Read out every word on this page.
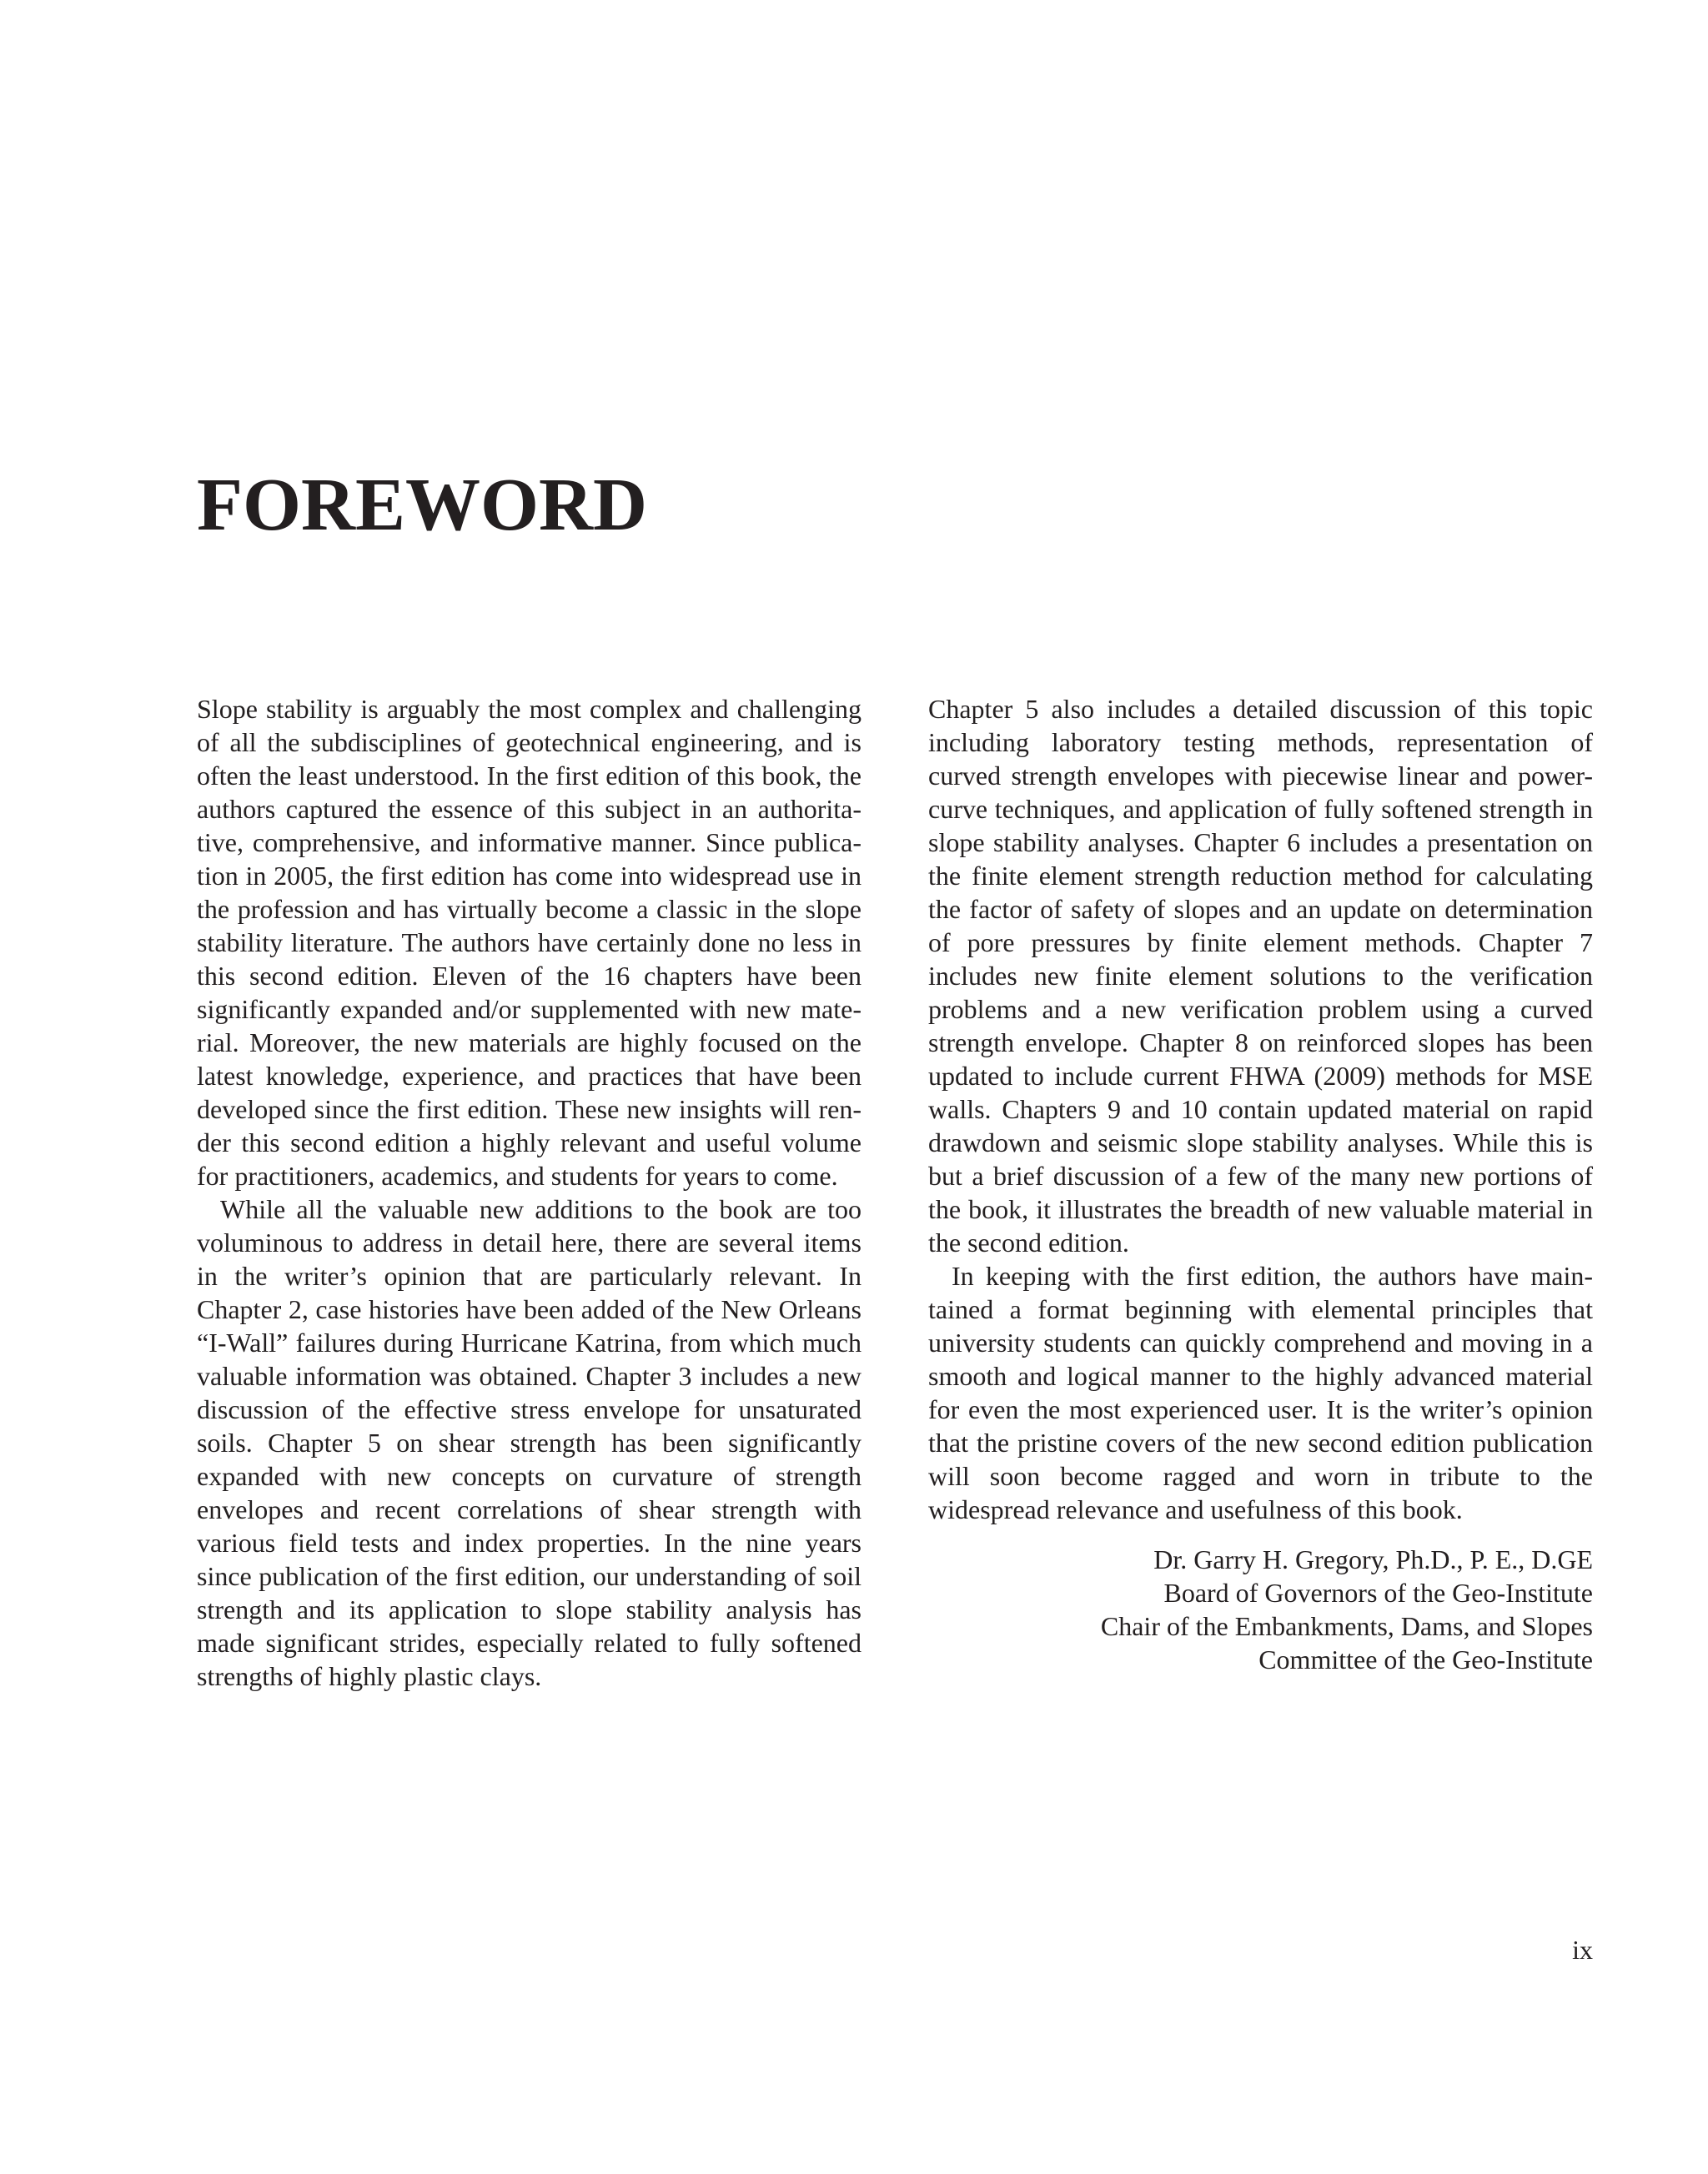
FOREWORD

Slope stability is arguably the most complex and challenging of all the subdisciplines of geotechnical engineering, and is often the least understood. In the first edition of this book, the authors captured the essence of this subject in an authoritative, comprehensive, and informative manner. Since publication in 2005, the first edition has come into widespread use in the profession and has virtually become a classic in the slope stability literature. The authors have certainly done no less in this second edition. Eleven of the 16 chapters have been significantly expanded and/or supplemented with new material. Moreover, the new materials are highly focused on the latest knowledge, experience, and practices that have been developed since the first edition. These new insights will render this second edition a highly relevant and useful volume for practitioners, academics, and students for years to come.

While all the valuable new additions to the book are too voluminous to address in detail here, there are several items in the writer’s opinion that are particularly relevant. In Chapter 2, case histories have been added of the New Orleans “I-Wall” failures during Hurricane Katrina, from which much valuable information was obtained. Chapter 3 includes a new discussion of the effective stress envelope for unsaturated soils. Chapter 5 on shear strength has been significantly expanded with new concepts on curvature of strength envelopes and recent correlations of shear strength with various field tests and index properties. In the nine years since publication of the first edition, our understanding of soil strength and its application to slope stability analysis has made significant strides, especially related to fully softened strengths of highly plastic clays.

Chapter 5 also includes a detailed discussion of this topic including laboratory testing methods, representation of curved strength envelopes with piecewise linear and power-curve techniques, and application of fully softened strength in slope stability analyses. Chapter 6 includes a presentation on the finite element strength reduction method for calculating the factor of safety of slopes and an update on determination of pore pressures by finite element methods. Chapter 7 includes new finite element solutions to the verification problems and a new verification problem using a curved strength envelope. Chapter 8 on reinforced slopes has been updated to include current FHWA (2009) methods for MSE walls. Chapters 9 and 10 contain updated material on rapid drawdown and seismic slope stability analyses. While this is but a brief discussion of a few of the many new portions of the book, it illustrates the breadth of new valuable material in the second edition.

In keeping with the first edition, the authors have maintained a format beginning with elemental principles that university students can quickly comprehend and moving in a smooth and logical manner to the highly advanced material for even the most experienced user. It is the writer’s opinion that the pristine covers of the new second edition publication will soon become ragged and worn in tribute to the widespread relevance and usefulness of this book.

Dr. Garry H. Gregory, Ph.D., P. E., D.GE
Board of Governors of the Geo-Institute
Chair of the Embankments, Dams, and Slopes
Committee of the Geo-Institute
ix
